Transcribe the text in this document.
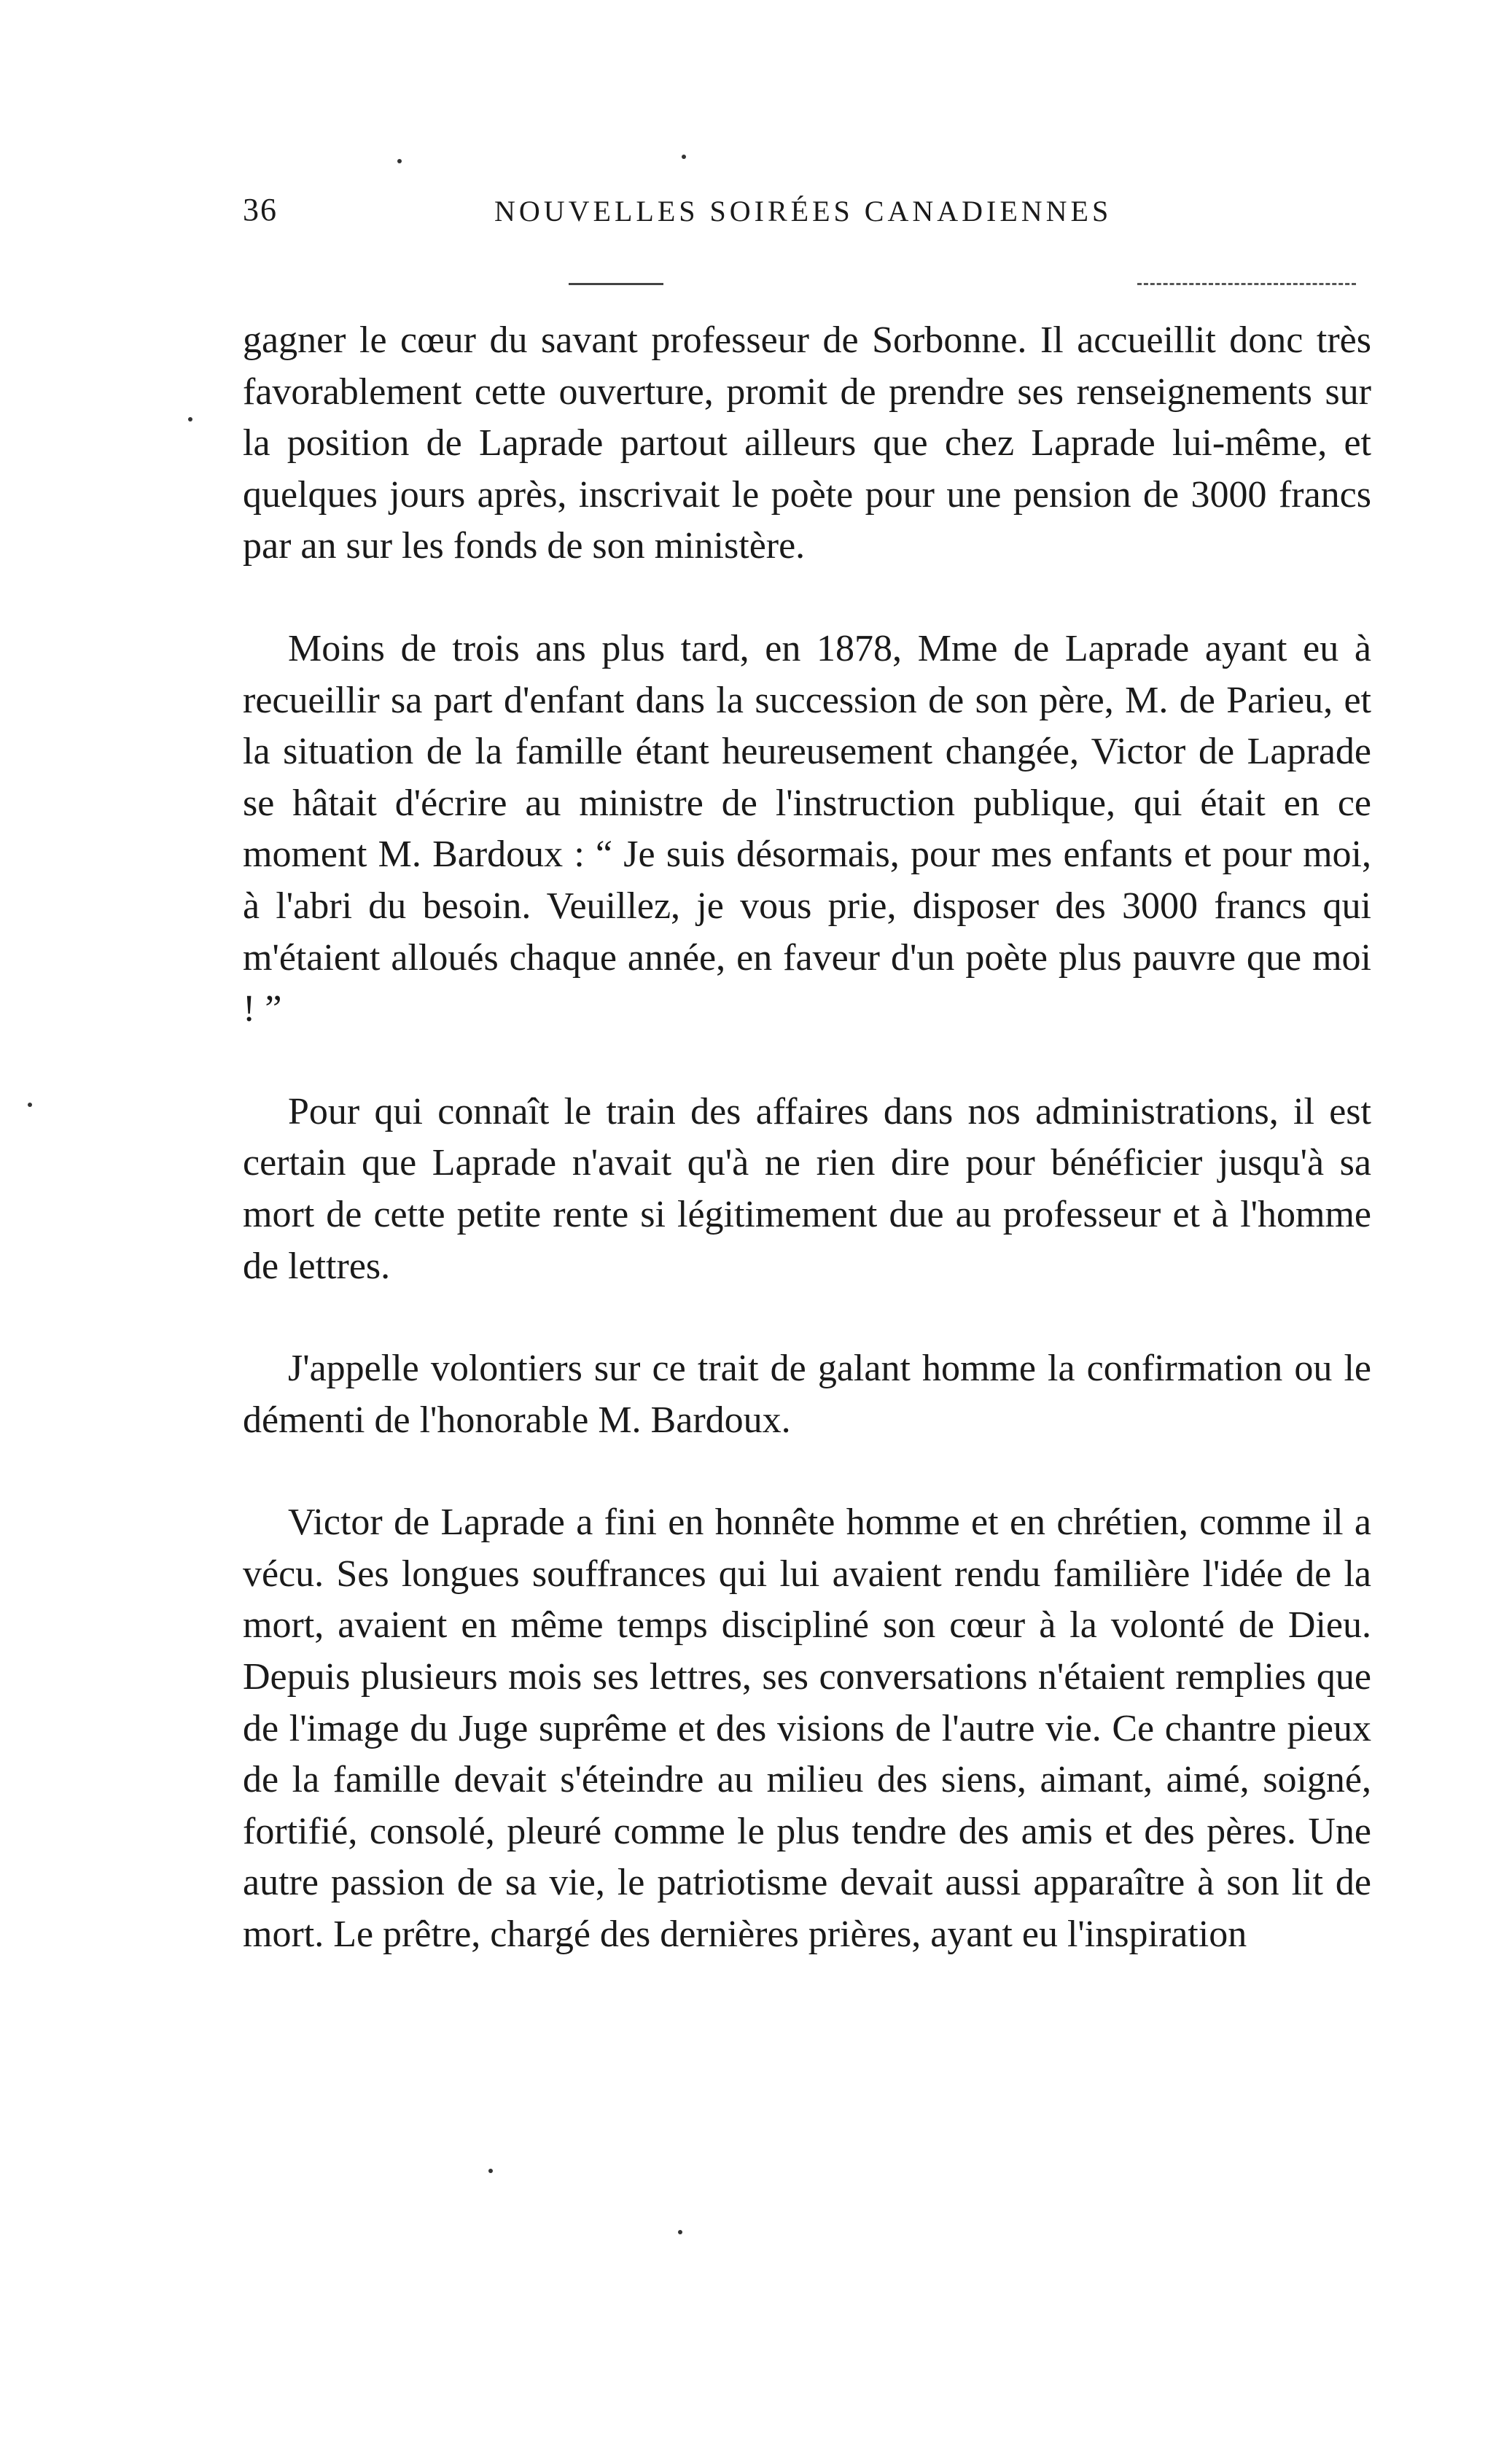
36	NOUVELLES SOIRÉES CANADIENNES

gagner le cœur du savant professeur de Sorbonne. Il accueillit donc très favorablement cette ouverture, promit de prendre ses renseignements sur la position de Laprade partout ailleurs que chez Laprade lui-même, et quelques jours après, inscrivait le poète pour une pension de 3000 francs par an sur les fonds de son ministère.

Moins de trois ans plus tard, en 1878, Mme de Laprade ayant eu à recueillir sa part d'enfant dans la succession de son père, M. de Parieu, et la situation de la famille étant heureusement changée, Victor de Laprade se hâtait d'écrire au ministre de l'instruction publique, qui était en ce moment M. Bardoux : “ Je suis désormais, pour mes enfants et pour moi, à l'abri du besoin. Veuillez, je vous prie, disposer des 3000 francs qui m'étaient alloués chaque année, en faveur d'un poète plus pauvre que moi ! ”

Pour qui connaît le train des affaires dans nos administrations, il est certain que Laprade n'avait qu'à ne rien dire pour bénéficier jusqu'à sa mort de cette petite rente si légitimement due au professeur et à l'homme de lettres.

J'appelle volontiers sur ce trait de galant homme la confirmation ou le démenti de l'honorable M. Bardoux.

Victor de Laprade a fini en honnête homme et en chrétien, comme il a vécu. Ses longues souffrances qui lui avaient rendu familière l'idée de la mort, avaient en même temps discipliné son cœur à la volonté de Dieu. Depuis plusieurs mois ses lettres, ses conversations n'étaient remplies que de l'image du Juge suprême et des visions de l'autre vie. Ce chantre pieux de la famille devait s'éteindre au milieu des siens, aimant, aimé, soigné, fortifié, consolé, pleuré comme le plus tendre des amis et des pères. Une autre passion de sa vie, le patriotisme devait aussi apparaître à son lit de mort. Le prêtre, chargé des dernières prières, ayant eu l'inspiration
